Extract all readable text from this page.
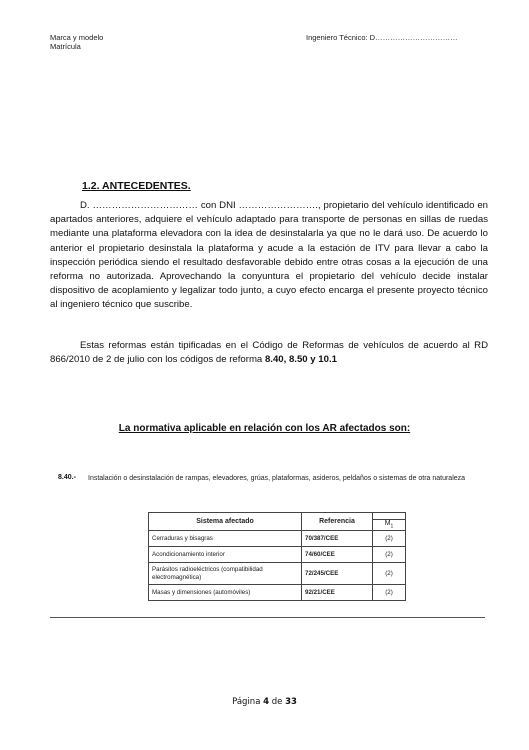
Marca y modelo
Matrícula
Ingeniero Técnico: D……………………………
1.2. ANTECEDENTES.
D. …………………………… con DNI ……………………., propietario del vehículo identificado en apartados anteriores, adquiere el vehículo adaptado para transporte de personas en sillas de ruedas mediante una plataforma elevadora con la idea de desinstalarla ya que no le dará uso. De acuerdo lo anterior el propietario desinstala la plataforma y acude a la estación de ITV para llevar a cabo la inspección periódica siendo el resultado desfavorable debido entre otras cosas a la ejecución de una reforma no autorizada. Aprovechando la conyuntura el propietario del vehículo decide instalar dispositivo de acoplamiento y legalizar todo junto, a cuyo efecto encarga el presente proyecto técnico al ingeniero técnico que suscribe.
Estas reformas están tipificadas en el Código de Reformas de vehículos de acuerdo al RD 866/2010 de 2 de julio con los códigos de reforma 8.40, 8.50 y 10.1
La normativa aplicable en relación con los AR afectados son:
8.40.- Instalación o desinstalación de rampas, elevadores, grúas, plataformas, asideros, peldaños o sistemas de otra naturaleza
Sistema afectado	Referencia	
		$M_1$
Cerraduras y bisagras	70/387/CEE	(2)
Acondicionamiento interior	74/60/CEE	(2)
Parásitos radioeléctricos (compatibilidad electromagnética)	72/245/CEE	(2)
Masas y dimensiones (automóviles)	92/21/CEE	(2)
Página 4 de 33
